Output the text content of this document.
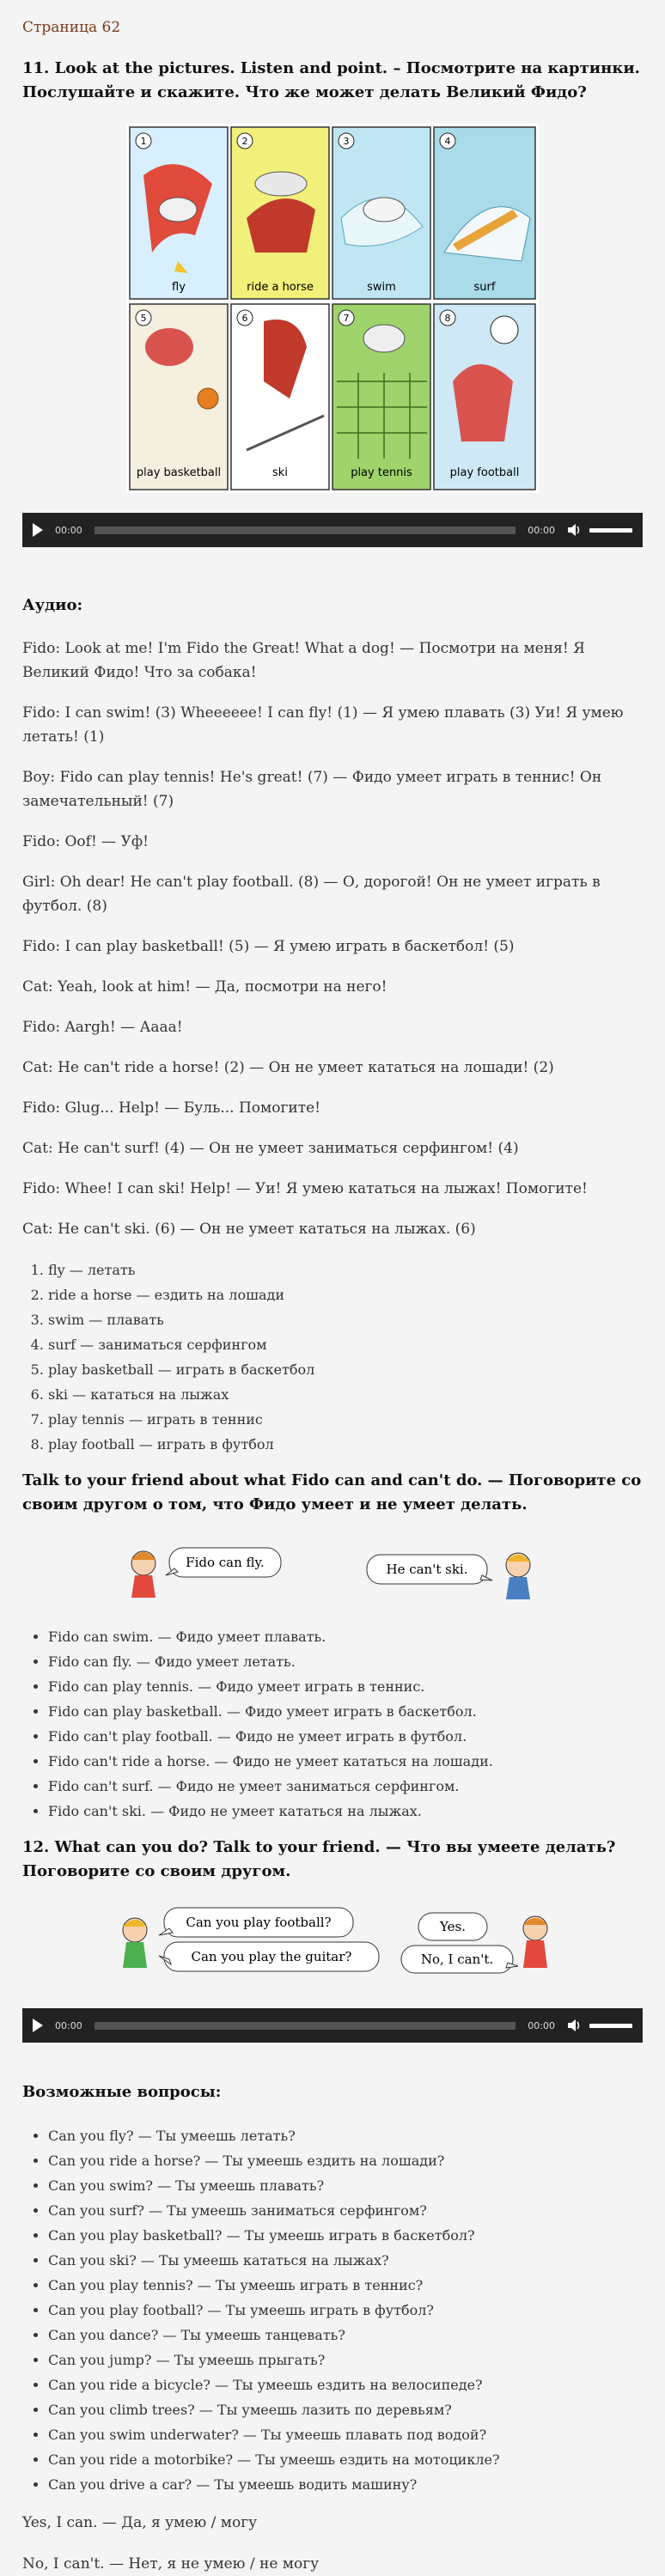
Страница 62
11. Look at the pictures. Listen and point. – Посмотрите на картинки. Послушайте и скажите. Что же может делать Великий Фидо?
1
fly
2
ride a horse
3
swim
4
surf
5
play basketball
6
ski
7
play tennis
8
play football
00:00	00:00

Аудио:

Fido: Look at me! I'm Fido the Great! What a dog! — Посмотри на меня! Я Великий Фидо! Что за собака!

Fido: I can swim! (3) Wheeeeee! I can fly! (1) — Я умею плавать (3) Уи! Я умею летать! (1)

Boy: Fido can play tennis! He's great! (7) — Фидо умеет играть в теннис! Он замечательный! (7)

Fido: Oof! — Уф!

Girl: Oh dear! He can't play football. (8) — О, дорогой! Он не умеет играть в футбол. (8)

Fido: I can play basketball! (5) — Я умею играть в баскетбол! (5)

Cat: Yeah, look at him! — Да, посмотри на него!

Fido: Aargh! — Аааа!

Cat: He can't ride a horse! (2) — Он не умеет кататься на лошади! (2)

Fido: Glug... Help! — Буль... Помогите!

Cat: He can't surf! (4) — Он не умеет заниматься серфингом! (4)

Fido: Whee! I can ski! Help! — Уи! Я умею кататься на лыжах! Помогите!

Cat: He can't ski. (6) — Он не умеет кататься на лыжах. (6)

1. fly — летать
2. ride a horse — ездить на лошади
3. swim — плавать
4. surf — заниматься серфингом
5. play basketball — играть в баскетбол
6. ski — кататься на лыжах
7. play tennis — играть в теннис
8. play football — играть в футбол
Talk to your friend about what Fido can and can't do. — Поговорите со своим другом о том, что Фидо умеет и не умеет делать.
Fido can fly.	He can't ski.
• Fido can swim. — Фидо умеет плавать.
• Fido can fly. — Фидо умеет летать.
• Fido can play tennis. — Фидо умеет играть в теннис.
• Fido can play basketball. — Фидо умеет играть в баскетбол.
• Fido can't play football. — Фидо не умеет играть в футбол.
• Fido can't ride a horse. — Фидо не умеет кататься на лошади.
• Fido can't surf. — Фидо не умеет заниматься серфингом.
• Fido can't ski. — Фидо не умеет кататься на лыжах.
12. What can you do? Talk to your friend. — Что вы умеете делать? Поговорите со своим другом.
Can you play football?
Can you play the guitar?
Yes.
No, I can't.
00:00	00:00

Возможные вопросы:

• Can you fly? — Ты умеешь летать?
• Can you ride a horse? — Ты умеешь ездить на лошади?
• Can you swim? — Ты умеешь плавать?
• Can you surf? — Ты умеешь заниматься серфингом?
• Can you play basketball? — Ты умеешь играть в баскетбол?
• Can you ski? — Ты умеешь кататься на лыжах?
• Can you play tennis? — Ты умеешь играть в теннис?
• Can you play football? — Ты умеешь играть в футбол?
• Can you dance? — Ты умеешь танцевать?
• Can you jump? — Ты умеешь прыгать?
• Can you ride a bicycle? — Ты умеешь ездить на велосипеде?
• Can you climb trees? — Ты умеешь лазить по деревьям?
• Can you swim underwater? — Ты умеешь плавать под водой?
• Can you ride a motorbike? — Ты умеешь ездить на мотоцикле?
• Can you drive a car? — Ты умеешь водить машину?

Yes, I can. — Да, я умею / могу

No, I can't. — Нет, я не умею / не могу
